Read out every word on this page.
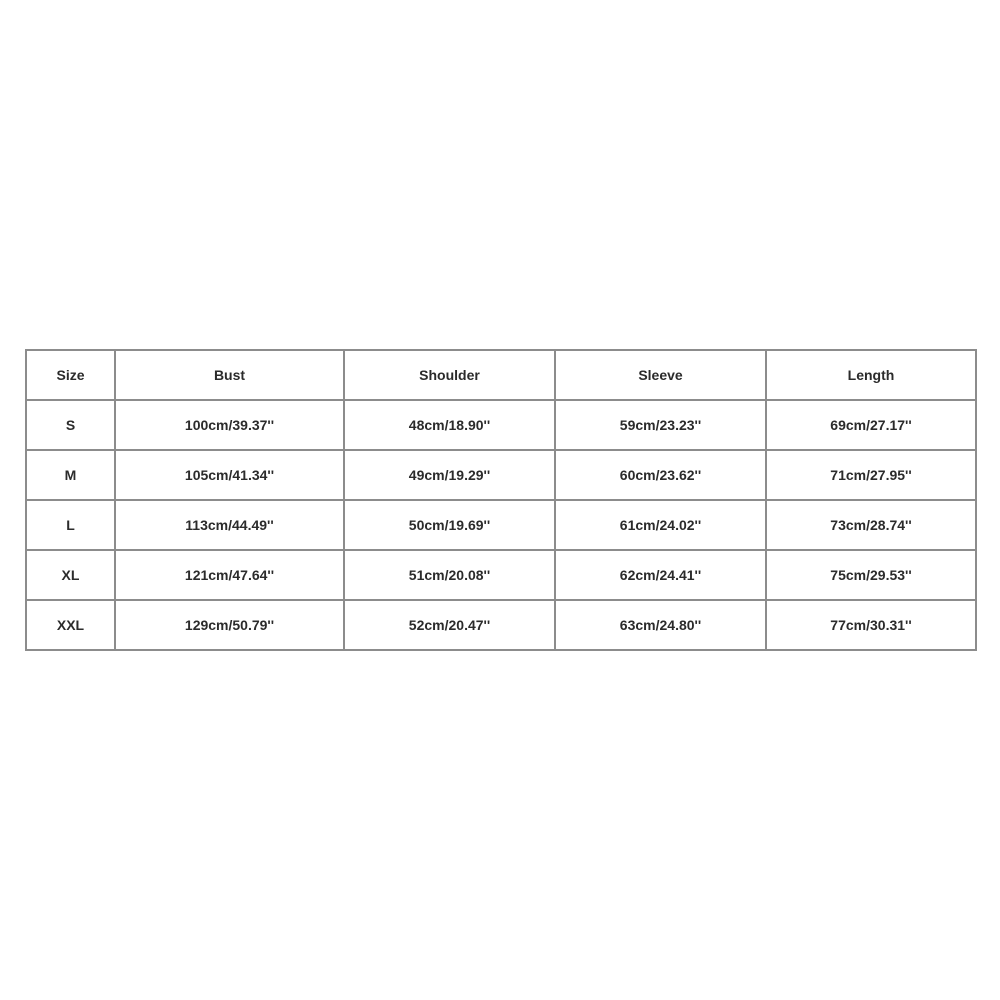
Size	Bust	Shoulder	Sleeve	Length
S	100cm/39.37''	48cm/18.90''	59cm/23.23''	69cm/27.17''
M	105cm/41.34''	49cm/19.29''	60cm/23.62''	71cm/27.95''
L	113cm/44.49''	50cm/19.69''	61cm/24.02''	73cm/28.74''
XL	121cm/47.64''	51cm/20.08''	62cm/24.41''	75cm/29.53''
XXL	129cm/50.79''	52cm/20.47''	63cm/24.80''	77cm/30.31''
